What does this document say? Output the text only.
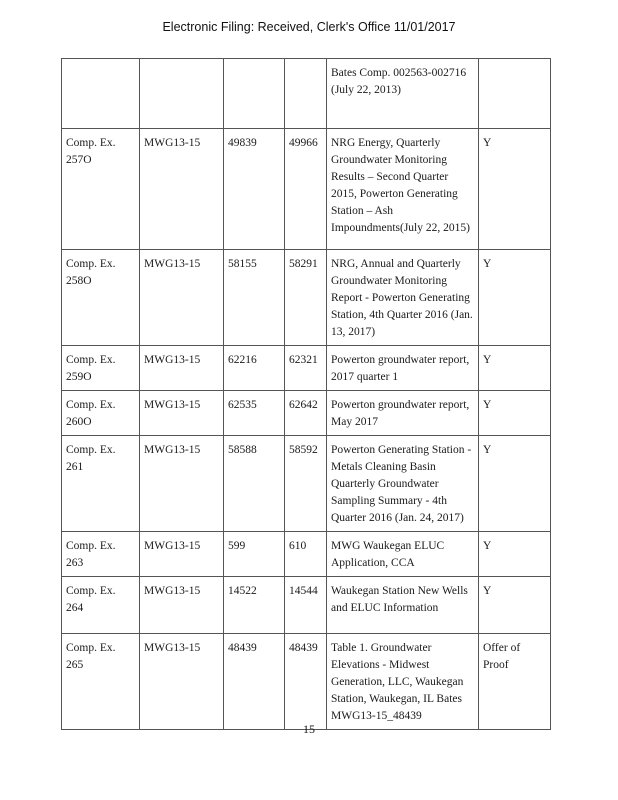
Electronic Filing: Received, Clerk's Office 11/01/2017
				Bates Comp. 002563-002716 (July 22, 2013)	
Comp. Ex. 257O	MWG13-15	49839	49966	NRG Energy, Quarterly Groundwater Monitoring Results – Second Quarter 2015, Powerton Generating Station – Ash Impoundments(July 22, 2015)	Y
Comp. Ex. 258O	MWG13-15	58155	58291	NRG, Annual and Quarterly Groundwater Monitoring Report - Powerton Generating Station, 4th Quarter 2016 (Jan. 13, 2017)	Y
Comp. Ex. 259O	MWG13-15	62216	62321	Powerton groundwater report, 2017 quarter 1	Y
Comp. Ex. 260O	MWG13-15	62535	62642	Powerton groundwater report, May 2017	Y
Comp. Ex. 261	MWG13-15	58588	58592	Powerton Generating Station - Metals Cleaning Basin Quarterly Groundwater Sampling Summary - 4th Quarter 2016 (Jan. 24, 2017)	Y
Comp. Ex. 263	MWG13-15	599	610	MWG Waukegan ELUC Application, CCA	Y
Comp. Ex. 264	MWG13-15	14522	14544	Waukegan Station New Wells and ELUC Information	Y
Comp. Ex. 265	MWG13-15	48439	48439	Table 1. Groundwater Elevations - Midwest Generation, LLC, Waukegan Station, Waukegan, IL Bates MWG13-15_48439	Offer of Proof
15
